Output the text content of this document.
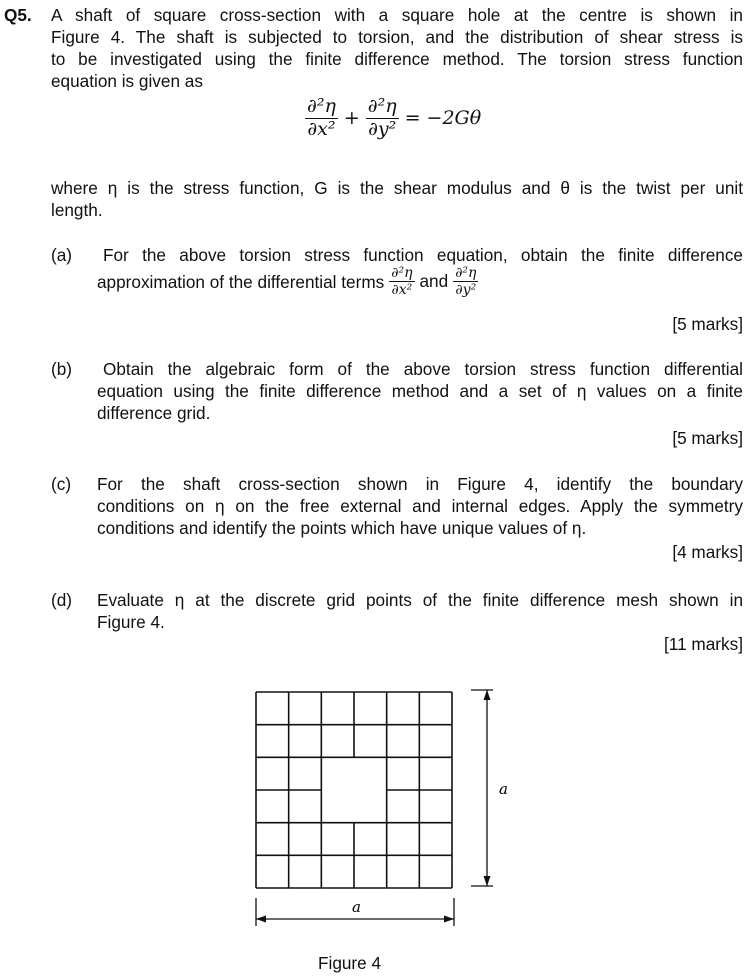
Q5. A shaft of square cross-section with a square hole at the centre is shown in
Figure 4. The shaft is subjected to torsion, and the distribution of shear stress is
to be investigated using the finite difference method. The torsion stress function
equation is given as
$\frac{\text{∂²η}}{\text{∂x²}} + \frac{\text{∂²η}}{\text{∂y²}} = -2G\theta$
where η is the stress function, G is the shear modulus and θ is the twist per unit
length.
(a) For the above torsion stress function equation, obtain the finite difference
approximation of the differential terms $\frac{\text{∂²η}}{\text{∂x²}}$ and $\frac{\text{∂²η}}{\text{∂y²}}$
[5 marks]
(b) Obtain the algebraic form of the above torsion stress function differential
equation using the finite difference method and a set of η values on a finite
difference grid.
[5 marks]
(c) For the shaft cross-section shown in Figure 4, identify the boundary
conditions on η on the free external and internal edges. Apply the symmetry
conditions and identify the points which have unique values of η.
[4 marks]
(d) Evaluate η at the discrete grid points of the finite difference mesh shown in
Figure 4.
[11 marks]
a
a
Figure 4
